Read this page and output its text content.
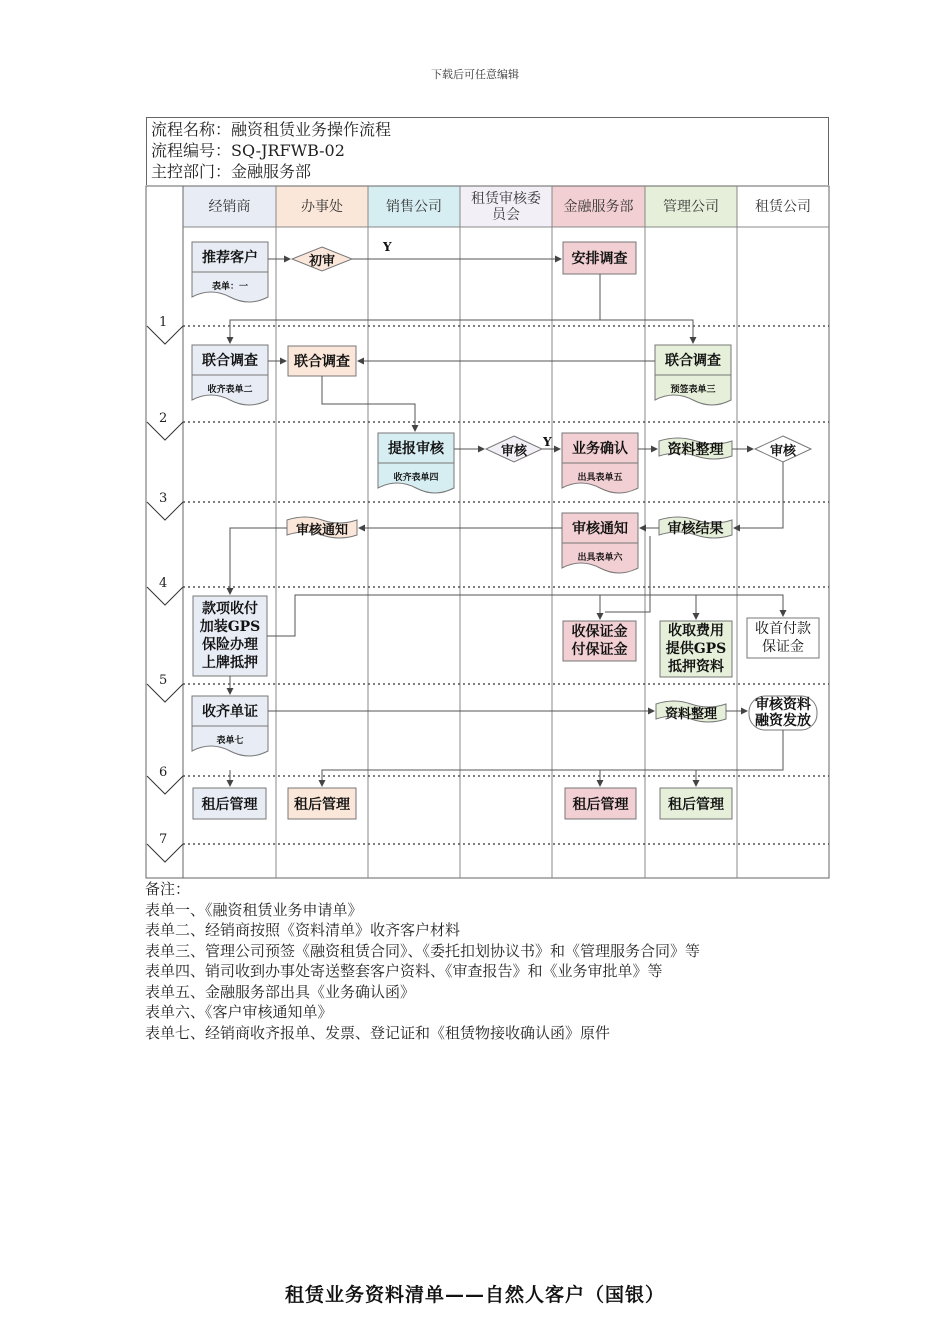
下载后可任意编辑
流程名称：融资租赁业务操作流程
流程编号：SQ-JRFWB-02
主控部门：金融服务部
经销商	办事处	销售公司	租赁审核委员会	金融服务部	管理公司	租赁公司
1
2
3
4
5
6
7
推荐客户
表单：一
联合调查
收齐表单二
联合调查
预签表单三
提报审核
收齐表单四
业务确认
出具表单五
审核通知
出具表单六
收齐单证
表单七
安排调查
联合调查
款项收付
加装GPS
保险办理
上牌抵押
收保证金
付保证金
收取费用
提供GPS
抵押资料
收首付款
保证金
审核资料
融资发放
资料整理
审核通知	审核结果
资料整理
初审
审核	审核
Y
Y
租后管理	租后管理	租后管理	租后管理
备注：
表单一、《融资租赁业务申请单》
表单二、经销商按照《资料清单》收齐客户材料
表单三、管理公司预签《融资租赁合同》、《委托扣划协议书》和《管理服务合同》等
表单四、销司收到办事处寄送整套客户资料、《审查报告》和《业务审批单》等
表单五、金融服务部出具《业务确认函》
表单六、《客户审核通知单》
表单七、经销商收齐报单、发票、登记证和《租赁物接收确认函》原件
租赁业务资料清单——自然人客户（国银）
